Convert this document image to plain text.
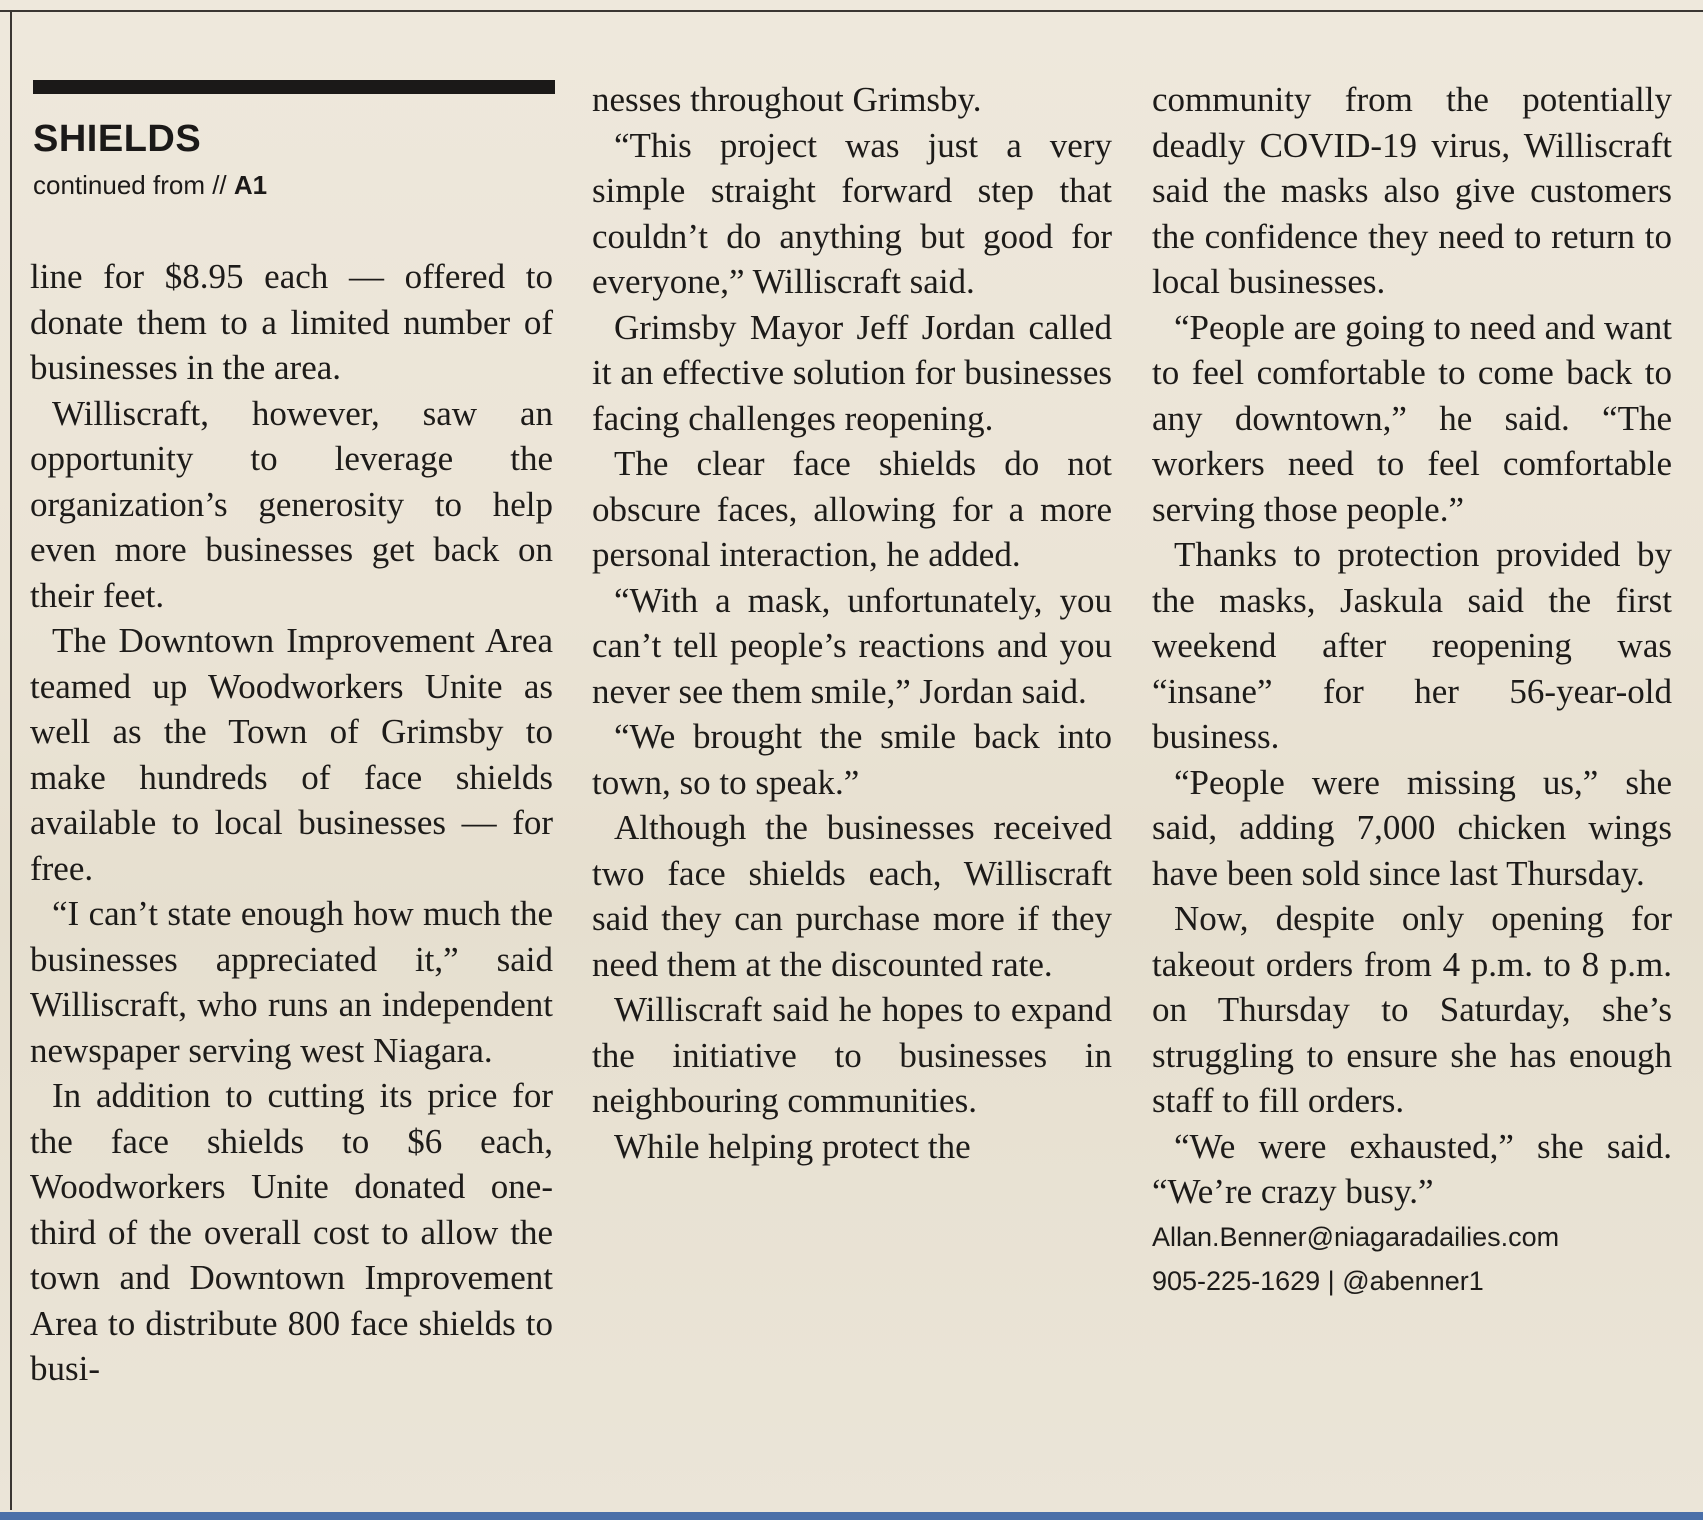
SHIELDS
continued from // A1

line for $8.95 each — offered to donate them to a limited number of businesses in the area.

Williscraft, however, saw an opportunity to leverage the organization’s generosity to help even more businesses get back on their feet.

The Downtown Improvement Area teamed up Woodworkers Unite as well as the Town of Grimsby to make hundreds of face shields available to local businesses — for free.

“I can’t state enough how much the businesses appreciated it,” said Williscraft, who runs an independent newspaper serving west Niagara.

In addition to cutting its price for the face shields to $6 each, Woodworkers Unite donated one-third of the overall cost to allow the town and Downtown Improvement Area to distribute 800 face shields to busi-

nesses throughout Grimsby.

“This project was just a very simple straight forward step that couldn’t do anything but good for everyone,” Williscraft said.

Grimsby Mayor Jeff Jordan called it an effective solution for businesses facing challenges reopening.

The clear face shields do not obscure faces, allowing for a more personal interaction, he added.

“With a mask, unfortunately, you can’t tell people’s reactions and you never see them smile,” Jordan said.

“We brought the smile back into town, so to speak.”

Although the businesses received two face shields each, Williscraft said they can purchase more if they need them at the discounted rate.

Williscraft said he hopes to expand the initiative to businesses in neighbouring communities.

While helping protect the

community from the potentially deadly COVID-19 virus, Williscraft said the masks also give customers the confidence they need to return to local businesses.

“People are going to need and want to feel comfortable to come back to any downtown,” he said. “The workers need to feel comfortable serving those people.”

Thanks to protection provided by the masks, Jaskula said the first weekend after reopening was “insane” for her 56-year-old business.

“People were missing us,” she said, adding 7,000 chicken wings have been sold since last Thursday.

Now, despite only opening for takeout orders from 4 p.m. to 8 p.m. on Thursday to Saturday, she’s struggling to ensure she has enough staff to fill orders.

“We were exhausted,” she said. “We’re crazy busy.”

Allan.Benner@niagaradailies.com

905-225-1629 | @abenner1
